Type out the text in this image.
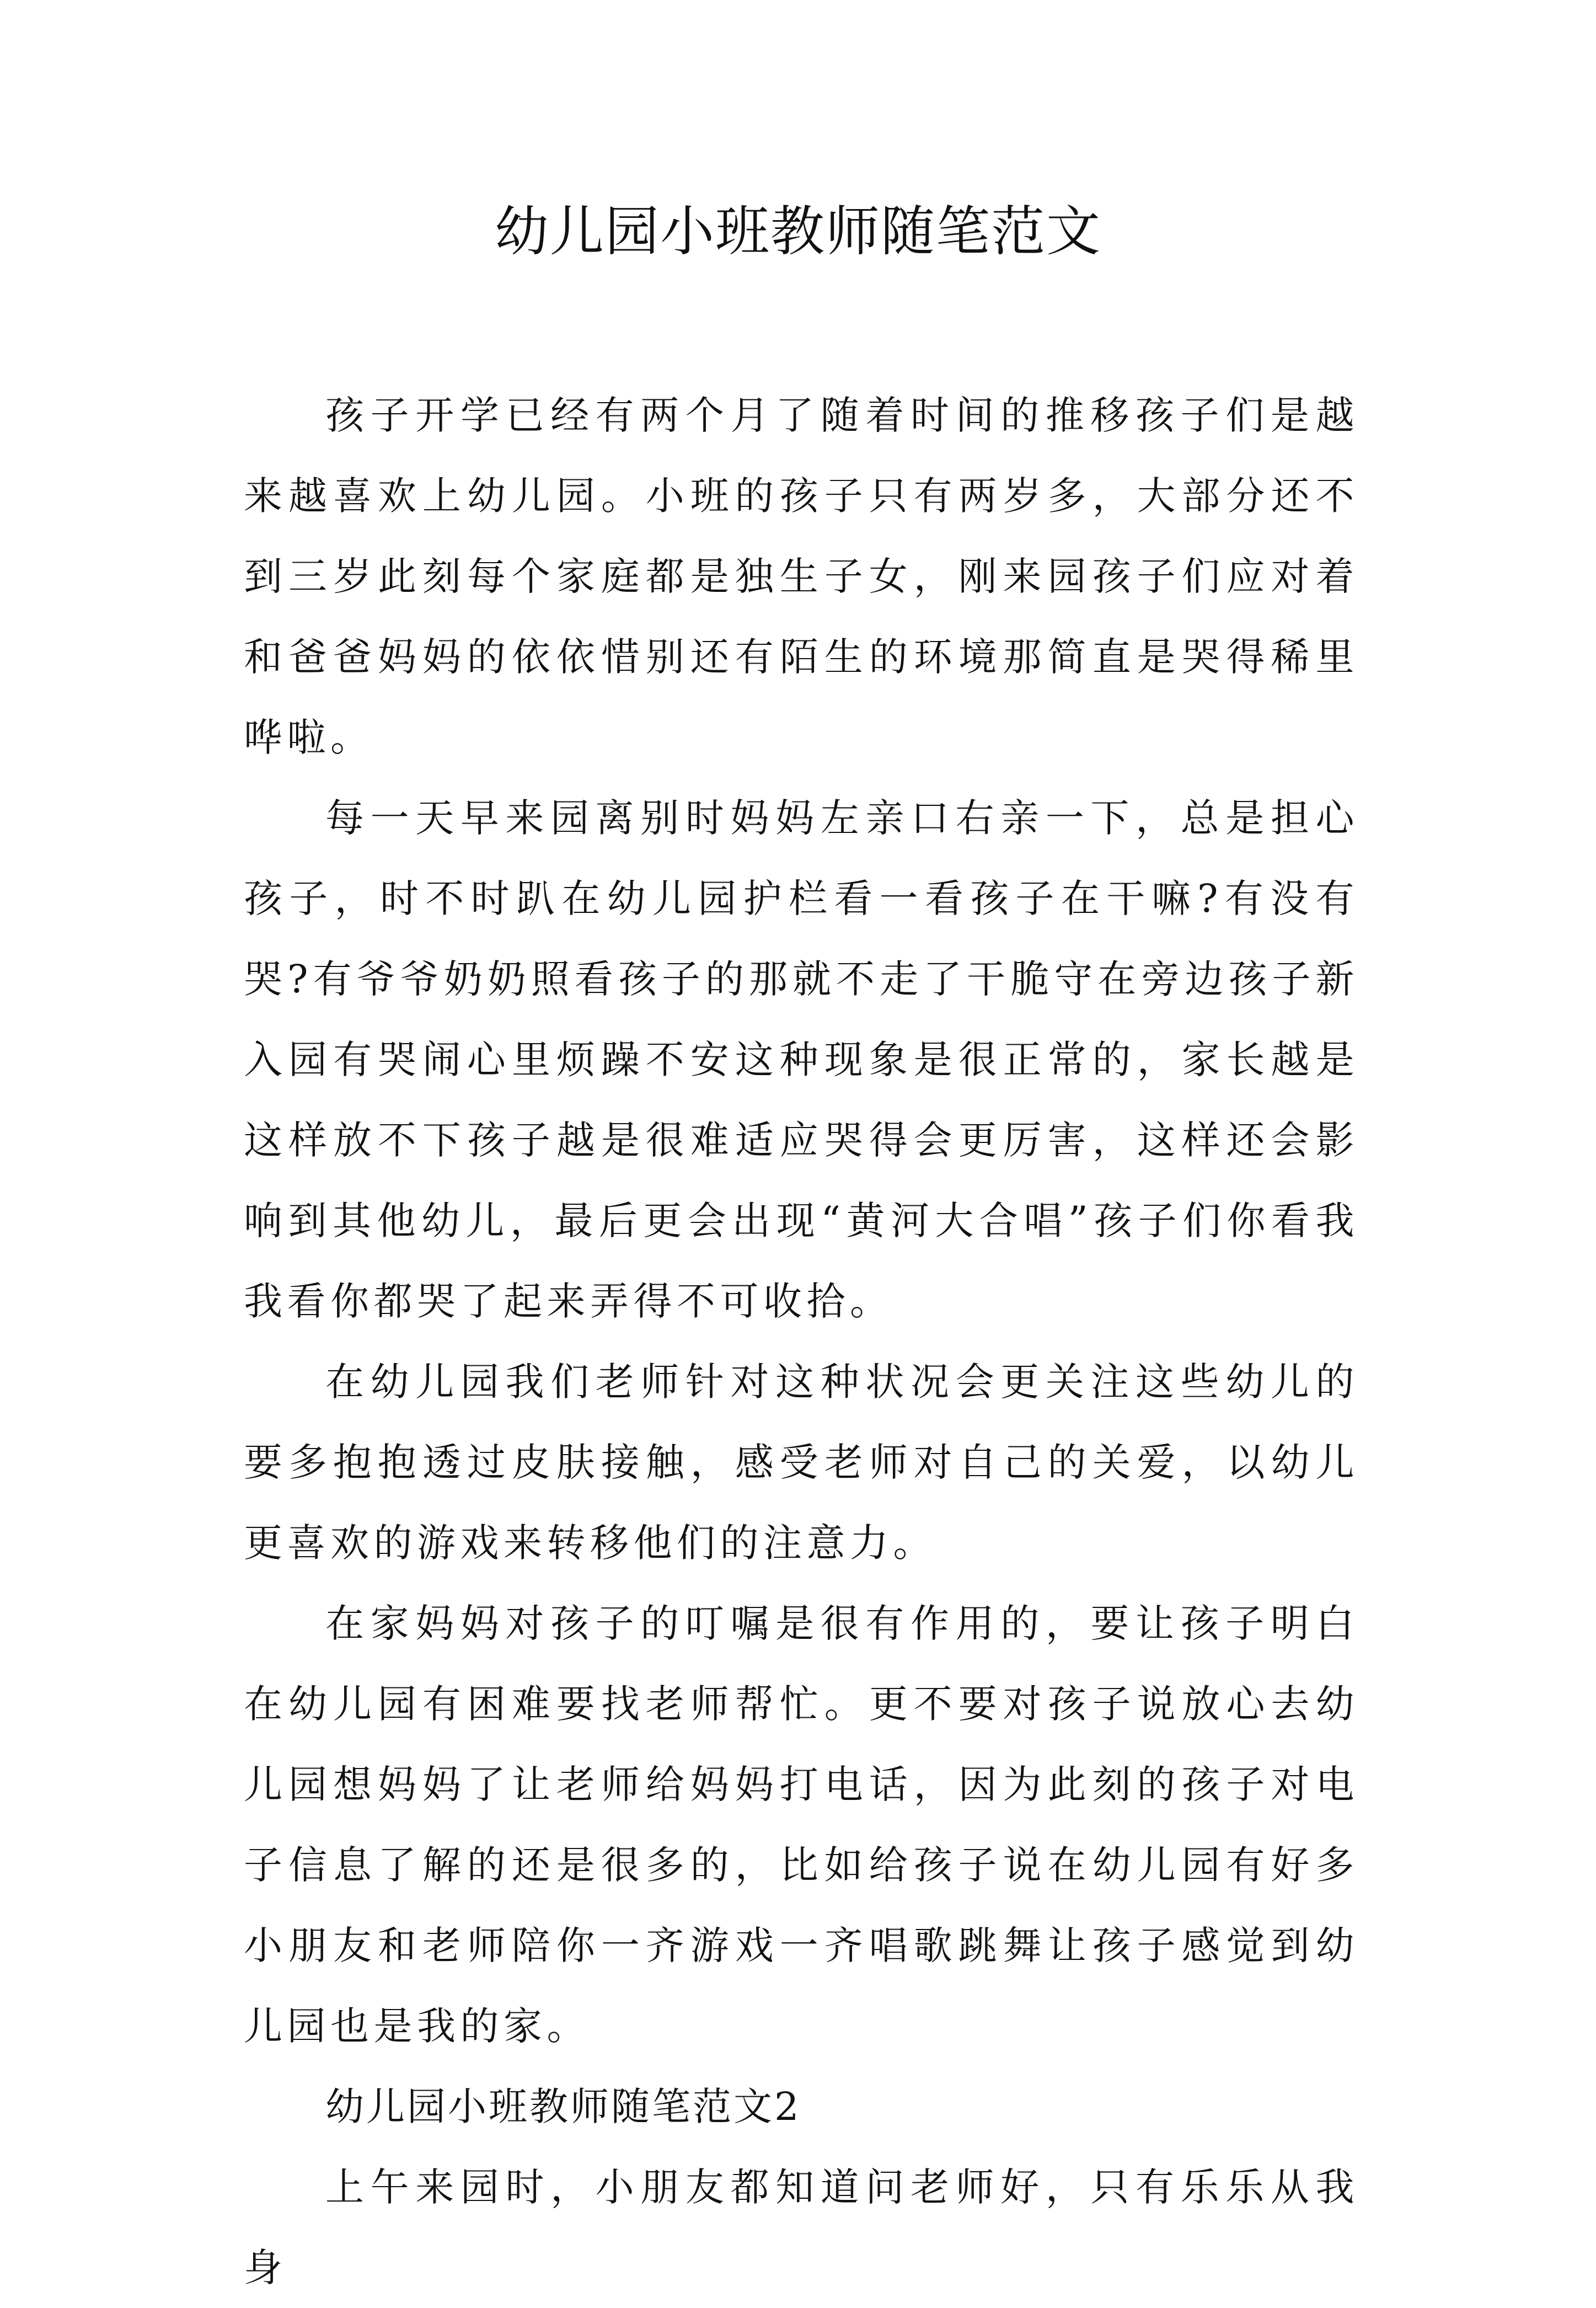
幼儿园小班教师随笔范文

孩子开学已经有两个月了随着时间的推移孩子们是越来越喜欢上幼儿园。小班的孩子只有两岁多，大部分还不到三岁此刻每个家庭都是独生子女，刚来园孩子们应对着和爸爸妈妈的依依惜别还有陌生的环境那简直是哭得稀里哗啦。

每一天早来园离别时妈妈左亲口右亲一下，总是担心孩子，时不时趴在幼儿园护栏看一看孩子在干嘛?有没有哭?有爷爷奶奶照看孩子的那就不走了干脆守在旁边孩子新入园有哭闹心里烦躁不安这种现象是很正常的，家长越是这样放不下孩子越是很难适应哭得会更厉害，这样还会影响到其他幼儿，最后更会出现“黄河大合唱”孩子们你看我我看你都哭了起来弄得不可收拾。

在幼儿园我们老师针对这种状况会更关注这些幼儿的要多抱抱透过皮肤接触，感受老师对自己的关爱，以幼儿更喜欢的游戏来转移他们的注意力。

在家妈妈对孩子的叮嘱是很有作用的，要让孩子明白在幼儿园有困难要找老师帮忙。更不要对孩子说放心去幼儿园想妈妈了让老师给妈妈打电话，因为此刻的孩子对电子信息了解的还是很多的，比如给孩子说在幼儿园有好多小朋友和老师陪你一齐游戏一齐唱歌跳舞让孩子感觉到幼儿园也是我的家。

幼儿园小班教师随笔范文2

上午来园时，小朋友都知道问老师好，只有乐乐从我身
